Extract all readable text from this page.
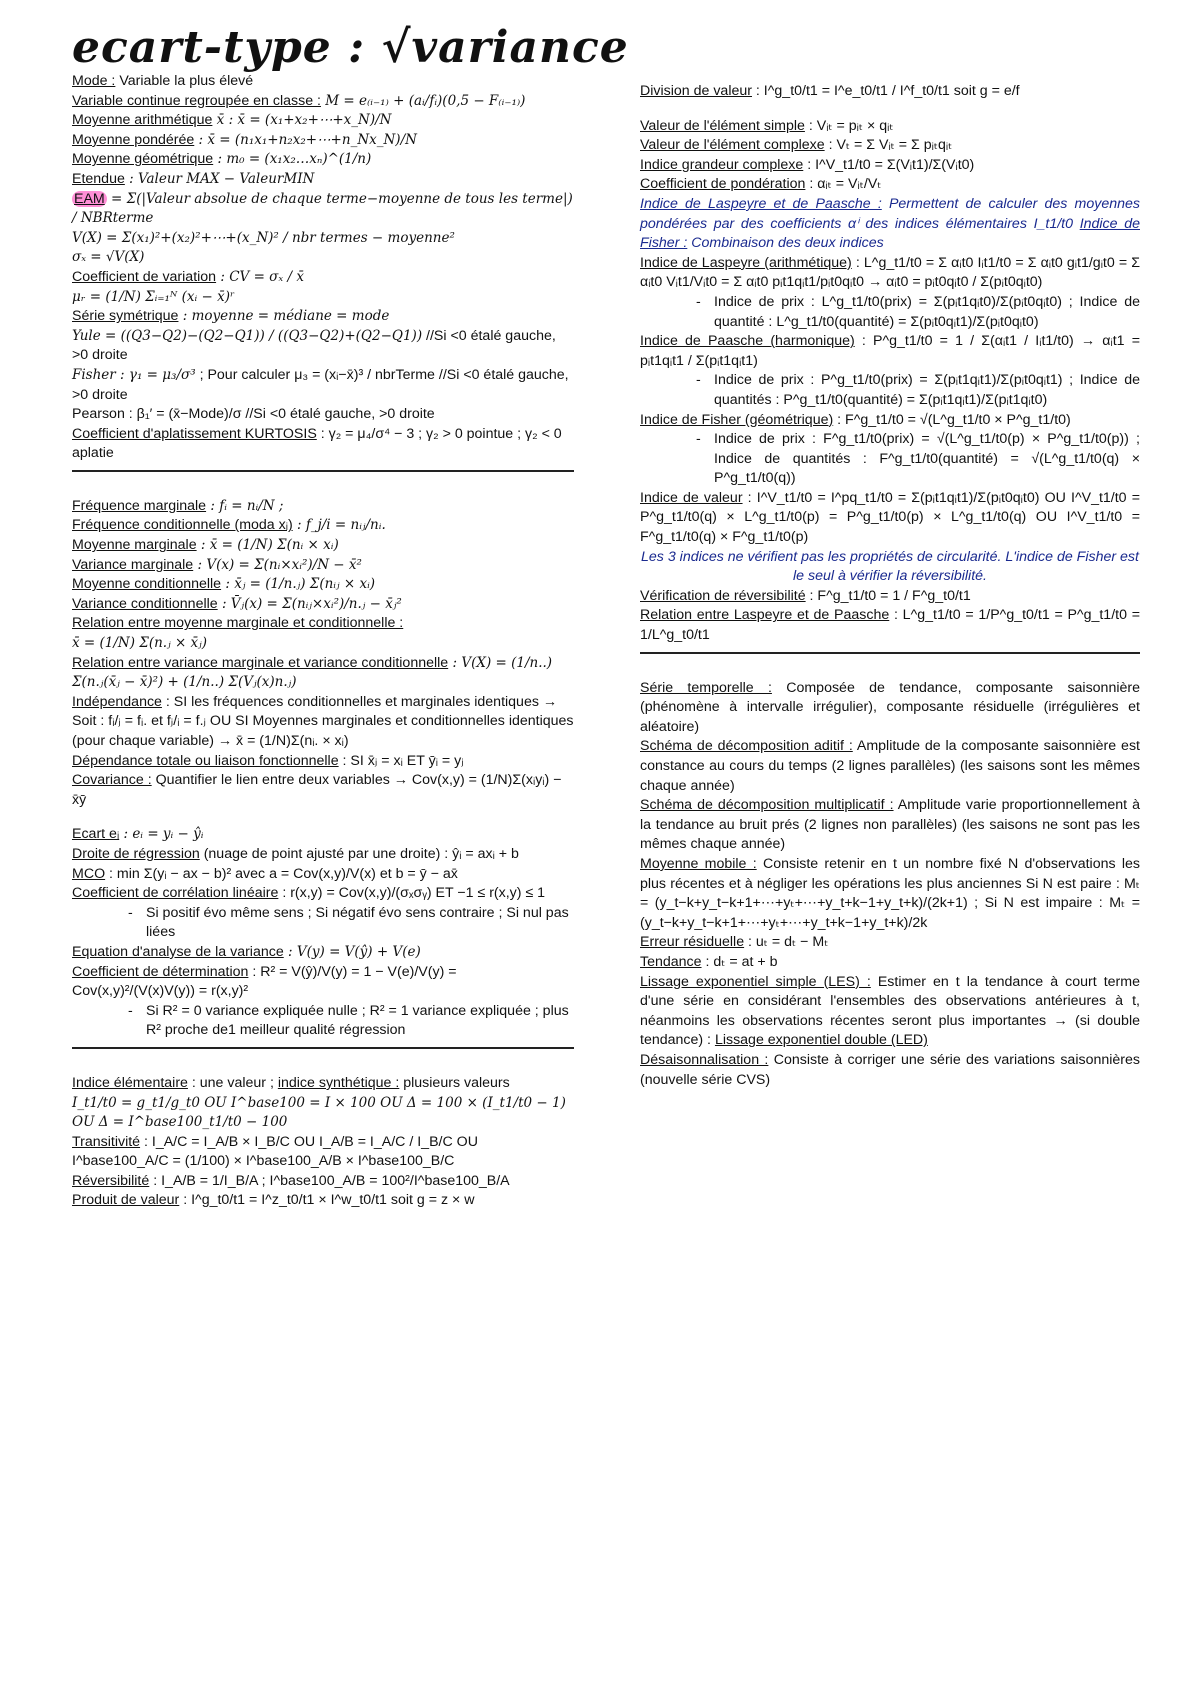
ecart-type : √variance
Mode : Variable la plus élevé
Variable continue regroupée en classe : M = e₍ᵢ₋₁₎ + (aᵢ/fᵢ)(0,5 − F₍ᵢ₋₁₎)
Moyenne arithmétique x̄ : x̄ = (x₁+x₂+⋯+x_N)/N
Moyenne pondérée : x̄ = (n₁x₁+n₂x₂+⋯+n_Nx_N)/N
Moyenne géométrique : m₀ = (x₁x₂…xₙ)^(1/n)
Etendue : Valeur MAX − ValeurMIN
EAM = Σ(|Valeur absolue de chaque terme−moyenne de tous les terme|) / NBRterme
V(X) = Σ(x₁)²+(x₂)²+⋯+(x_N)² / nbr termes − moyenne²
σₓ = √V(X)
Coefficient de variation : CV = σₓ / x̄
μᵣ = (1/N) Σᵢ₌₁ᴺ (xᵢ − x̄)ʳ
Série symétrique : moyenne = médiane = mode
Yule = ((Q3−Q2)−(Q2−Q1)) / ((Q3−Q2)+(Q2−Q1)) //Si <0 étalé gauche, >0 droite
Fisher : γ₁ = μ₃/σ³ ; Pour calculer μ₃ = (xᵢ−x̄)³ / nbrTerme //Si <0 étalé gauche, >0 droite
Pearson : β₁′ = (x̄−Mode)/σ //Si <0 étalé gauche, >0 droite
Coefficient d'aplatissement KURTOSIS : γ₂ = μ₄/σ⁴ − 3 ; γ₂ > 0 pointue ; γ₂ < 0 aplatie
Fréquence marginale : fᵢ = nᵢ/N ;
Fréquence conditionnelle (moda xᵢ) : f_j/i = nᵢⱼ/nᵢ.
Moyenne marginale : x̄ = (1/N) Σ(nᵢ × xᵢ)
Variance marginale : V(x) = Σ(nᵢ×xᵢ²)/N − x̄²
Moyenne conditionnelle : x̄ⱼ = (1/n.ⱼ) Σ(nᵢⱼ × xᵢ)
Variance conditionnelle : V̄ⱼ(x) = Σ(nᵢⱼ×xᵢ²)/n.ⱼ − x̄ⱼ²
Relation entre moyenne marginale et conditionnelle :
x̄ = (1/N) Σ(n.ⱼ × x̄ⱼ)
Relation entre variance marginale et variance conditionnelle : V(X) = (1/n..) Σ(n.ⱼ(x̄ⱼ − x̄)²) + (1/n..) Σ(Vⱼ(x)n.ⱼ)
Indépendance : SI les fréquences conditionnelles et marginales identiques → Soit : fᵢ/ⱼ = fᵢ. et fⱼ/ᵢ = f.ⱼ OU SI Moyennes marginales et conditionnelles identiques (pour chaque variable) → x̄ = (1/N)Σ(nᵢ. × xᵢ)
Dépendance totale ou liaison fonctionnelle : SI x̄ⱼ = xᵢ ET ȳᵢ = yⱼ
Covariance : Quantifier le lien entre deux variables → Cov(x,y) = (1/N)Σ(xᵢyᵢ) − x̄ȳ
Ecart eᵢ : eᵢ = yᵢ − ŷᵢ
Droite de régression (nuage de point ajusté par une droite) : ŷᵢ = axᵢ + b
MCO : min Σ(yᵢ − ax − b)² avec a = Cov(x,y)/V(x) et b = ȳ − ax̄
Coefficient de corrélation linéaire : r(x,y) = Cov(x,y)/(σₓσᵧ) ET −1 ≤ r(x,y) ≤ 1
- Si positif évo même sens ; Si négatif évo sens contraire ; Si nul pas liées
Equation d'analyse de la variance : V(y) = V(ŷ) + V(e)
Coefficient de détermination : R² = V(ŷ)/V(y) = 1 − V(e)/V(y) = Cov(x,y)²/(V(x)V(y)) = r(x,y)²
- Si R² = 0 variance expliquée nulle ; R² = 1 variance expliquée ; plus R² proche de1 meilleur qualité régression
Indice élémentaire : une valeur ; indice synthétique : plusieurs valeurs
I_t1/t0 = g_t1/g_t0 OU I^base100 = I × 100 OU Δ = 100 × (I_t1/t0 − 1) OU Δ = I^base100_t1/t0 − 100
Transitivité : I_A/C = I_A/B × I_B/C OU I_A/B = I_A/C / I_B/C OU I^base100_A/C = (1/100) × I^base100_A/B × I^base100_B/C
Réversibilité : I_A/B = 1/I_B/A ; I^base100_A/B = 100²/I^base100_B/A
Produit de valeur : I^g_t0/t1 = I^z_t0/t1 × I^w_t0/t1 soit g = z × w
Division de valeur : I^g_t0/t1 = I^e_t0/t1 / I^f_t0/t1 soit g = e/f
Valeur de l'élément simple : Vᵢₜ = pᵢₜ × qᵢₜ
Valeur de l'élément complexe : Vₜ = Σ Vᵢₜ = Σ pᵢₜqᵢₜ
Indice grandeur complexe : I^V_t1/t0 = Σ(Vᵢt1)/Σ(Vᵢt0)
Coefficient de pondération : αᵢₜ = Vᵢₜ/Vₜ
Indice de Laspeyre et de Paasche : Permettent de calculer des moyennes pondérées par des coefficients αⁱ des indices élémentaires I_t1/t0 Indice de Fisher : Combinaison des deux indices
Indice de Laspeyre (arithmétique) : L^g_t1/t0 = Σ αᵢt0 Iᵢt1/t0 = Σ αᵢt0 gᵢt1/gᵢt0 = Σ αᵢt0 Vᵢt1/Vᵢt0 = Σ αᵢt0 pᵢt1qᵢt1/pᵢt0qᵢt0 → αᵢt0 = pᵢt0qᵢt0 / Σ(pᵢt0qᵢt0)
- Indice de prix : L^g_t1/t0(prix) = Σ(pᵢt1qᵢt0)/Σ(pᵢt0qᵢt0) ; Indice de quantité : L^g_t1/t0(quantité) = Σ(pᵢt0qᵢt1)/Σ(pᵢt0qᵢt0)
Indice de Paasche (harmonique) : P^g_t1/t0 = 1 / Σ(αᵢt1 / Iᵢt1/t0) → αᵢt1 = pᵢt1qᵢt1 / Σ(pᵢt1qᵢt1)
- Indice de prix : P^g_t1/t0(prix) = Σ(pᵢt1qᵢt1)/Σ(pᵢt0qᵢt1) ; Indice de quantités : P^g_t1/t0(quantité) = Σ(pᵢt1qᵢt1)/Σ(pᵢt1qᵢt0)
Indice de Fisher (géométrique) : F^g_t1/t0 = √(L^g_t1/t0 × P^g_t1/t0)
- Indice de prix : F^g_t1/t0(prix) = √(L^g_t1/t0(p) × P^g_t1/t0(p)) ; Indice de quantités : F^g_t1/t0(quantité) = √(L^g_t1/t0(q) × P^g_t1/t0(q))
Indice de valeur : I^V_t1/t0 = I^pq_t1/t0 = Σ(pᵢt1qᵢt1)/Σ(pᵢt0qᵢt0) OU I^V_t1/t0 = P^g_t1/t0(q) × L^g_t1/t0(p) = P^g_t1/t0(p) × L^g_t1/t0(q) OU I^V_t1/t0 = F^g_t1/t0(q) × F^g_t1/t0(p)
Les 3 indices ne vérifient pas les propriétés de circularité. L'indice de Fisher est le seul à vérifier la réversibilité.
Vérification de réversibilité : F^g_t1/t0 = 1 / F^g_t0/t1
Relation entre Laspeyre et de Paasche : L^g_t1/t0 = 1/P^g_t0/t1 = P^g_t1/t0 = 1/L^g_t0/t1
Série temporelle : Composée de tendance, composante saisonnière (phénomène à intervalle irrégulier), composante résiduelle (irrégulières et aléatoire)
Schéma de décomposition aditif : Amplitude de la composante saisonnière est constance au cours du temps (2 lignes parallèles) (les saisons sont les mêmes chaque année)
Schéma de décomposition multiplicatif : Amplitude varie proportionnellement à la tendance au bruit prés (2 lignes non parallèles) (les saisons ne sont pas les mêmes chaque année)
Moyenne mobile : Consiste retenir en t un nombre fixé N d'observations les plus récentes et à négliger les opérations les plus anciennes Si N est paire : Mₜ = (y_t−k+y_t−k+1+⋯+yₜ+⋯+y_t+k−1+y_t+k)/(2k+1) ; Si N est impaire : Mₜ = (y_t−k+y_t−k+1+⋯+yₜ+⋯+y_t+k−1+y_t+k)/2k
Erreur résiduelle : uₜ = dₜ − Mₜ
Tendance : dₜ = at + b
Lissage exponentiel simple (LES) : Estimer en t la tendance à court terme d'une série en considérant l'ensembles des observations antérieures à t, néanmoins les observations récentes seront plus importantes → (si double tendance) : Lissage exponentiel double (LED)
Désaisonnalisation : Consiste à corriger une série des variations saisonnières (nouvelle série CVS)
